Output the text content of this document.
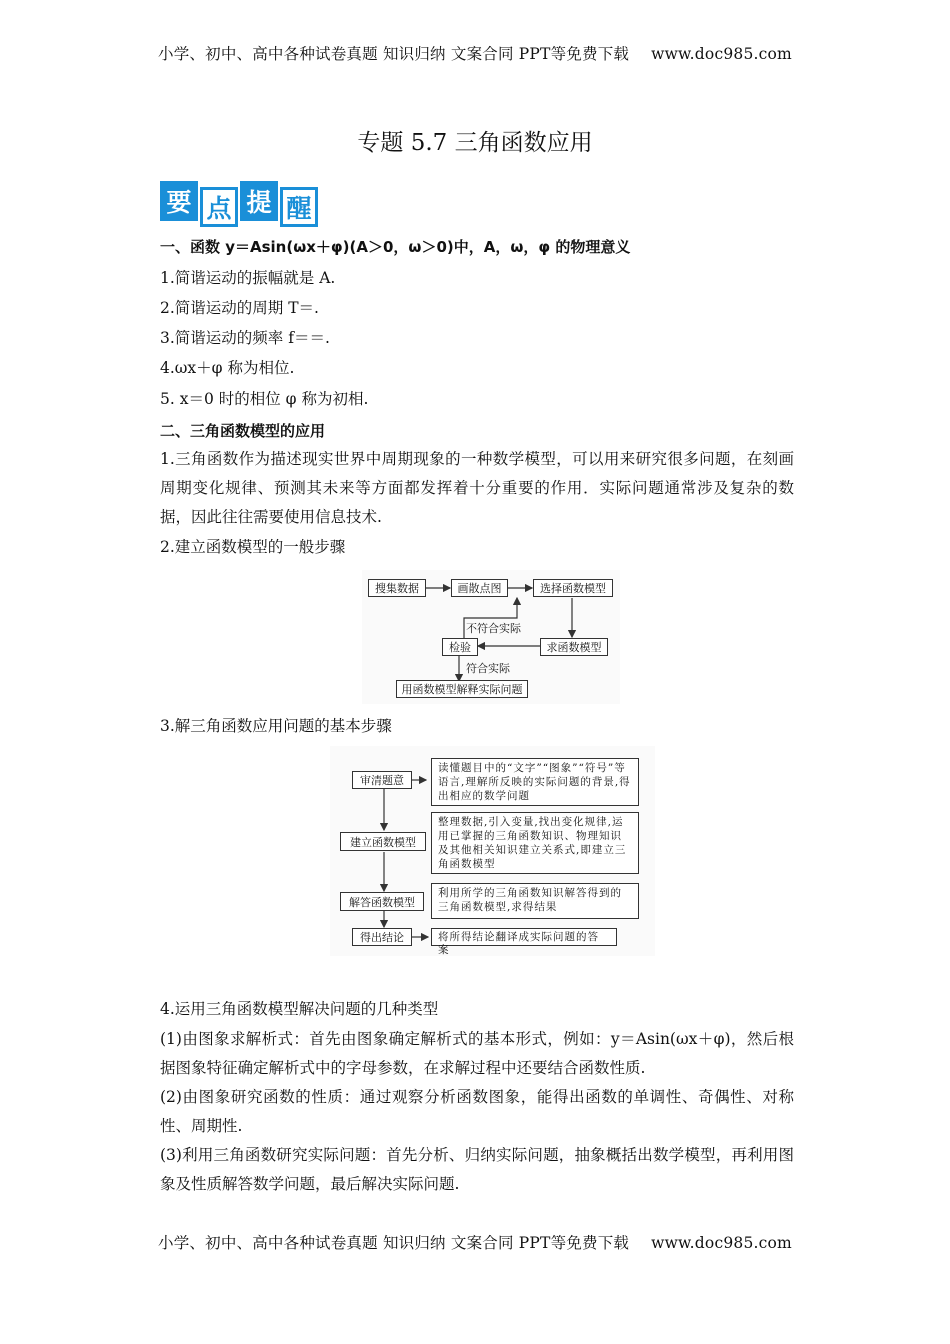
小学、初中、高中各种试卷真题 知识归纳 文案合同 PPT等免费下载 www.doc985.com
专题 5.7 三角函数应用
要 点 提 醒
一、函数 y＝Asin(ωx＋φ)(A＞0，ω＞0)中，A，ω，φ 的物理意义
1.简谐运动的振幅就是 A.
2.简谐运动的周期 T＝.
3.简谐运动的频率 f＝＝.
4.ωx＋φ 称为相位.
5. x＝0 时的相位 φ 称为初相.
二、三角函数模型的应用
1.三角函数作为描述现实世界中周期现象的一种数学模型，可以用来研究很多问题，在刻画周期变化规律、预测其未来等方面都发挥着十分重要的作用．实际问题通常涉及复杂的数据，因此往往需要使用信息技术.
2.建立函数模型的一般步骤
搜集数据	画散点图	选择函数模型
求函数模型
检验
用函数模型解释实际问题
不符合实际
符合实际
3.解三角函数应用问题的基本步骤
审清题意
读懂题目中的“文字”“图象”“符号”等语言,理解所反映的实际问题的背景,得出相应的数学问题
建立函数模型
整理数据,引入变量,找出变化规律,运用已掌握的三角函数知识、物理知识及其他相关知识建立关系式,即建立三角函数模型
解答函数模型
利用所学的三角函数知识解答得到的三角函数模型,求得结果
得出结论	将所得结论翻译成实际问题的答案
4.运用三角函数模型解决问题的几种类型
(1)由图象求解析式：首先由图象确定解析式的基本形式，例如：y＝Asin(ωx＋φ)，然后根据图象特征确定解析式中的字母参数，在求解过程中还要结合函数性质.
(2)由图象研究函数的性质：通过观察分析函数图象，能得出函数的单调性、奇偶性、对称性、周期性.
(3)利用三角函数研究实际问题：首先分析、归纳实际问题，抽象概括出数学模型，再利用图象及性质解答数学问题，最后解决实际问题.
小学、初中、高中各种试卷真题 知识归纳 文案合同 PPT等免费下载 www.doc985.com
